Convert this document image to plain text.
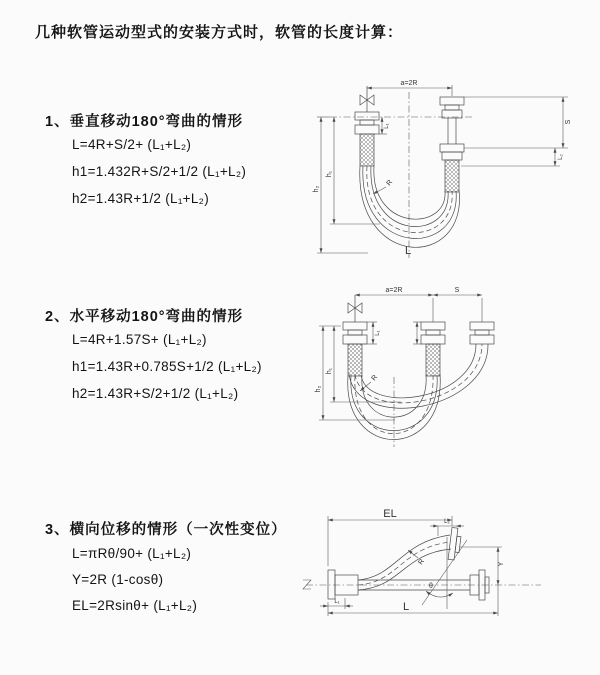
几种软管运动型式的安装方式时，软管的长度计算：
1、垂直移动180°弯曲的情形
L=4R+S/2+ (L₁+L₂)
h1=1.432R+S/2+1/2 (L₁+L₂)
h2=1.43R+1/2 (L₁+L₂)
2、水平移动180°弯曲的情形
L=4R+1.57S+ (L₁+L₂)
h1=1.43R+0.785S+1/2 (L₁+L₂)
h2=1.43R+S/2+1/2 (L₁+L₂)
3、横向位移的情形（一次性变位）
L=πRθ/90+ (L₁+L₂)
Y=2R (1-cosθ)
EL=2Rsinθ+ (L₁+L₂)
a=2R
h₂
h₁
L₁
S
L₂
R
L
a=2R	S
h₂
h₁
L₁
R
EL
L₂
Y
L
L₁
R
θ
